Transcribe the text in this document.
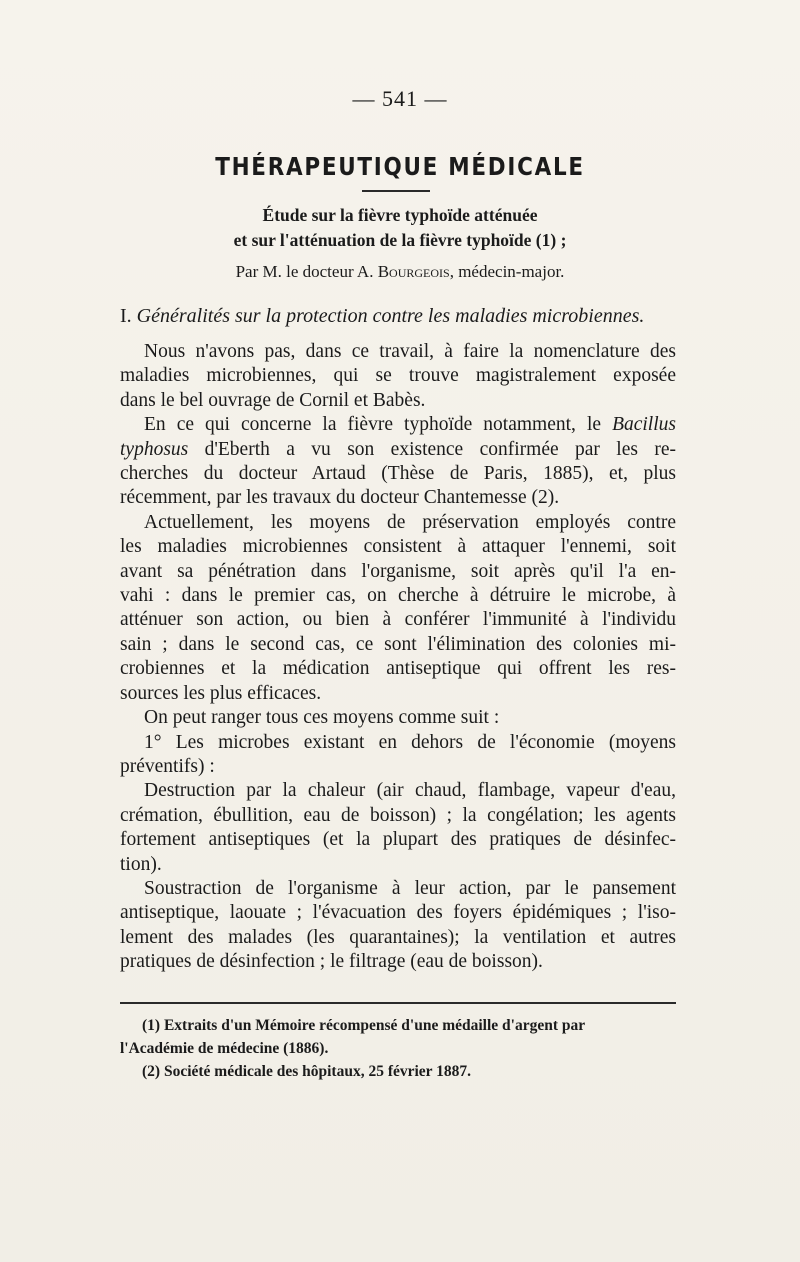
— 541 —
THÉRAPEUTIQUE MÉDICALE
Étude sur la fièvre typhoïde atténuée
et sur l'atténuation de la fièvre typhoïde (1) ;
Par M. le docteur A. Bourgeois, médecin-major.
I. Généralités sur la protection contre les maladies microbiennes.
Nous n'avons pas, dans ce travail, à faire la nomenclature des
maladies microbiennes, qui se trouve magistralement exposée
dans le bel ouvrage de Cornil et Babès.
En ce qui concerne la fièvre typhoïde notamment, le Bacillus
typhosus d'Eberth a vu son existence confirmée par les re-
cherches du docteur Artaud (Thèse de Paris, 1885), et, plus
récemment, par les travaux du docteur Chantemesse (2).
Actuellement, les moyens de préservation employés contre
les maladies microbiennes consistent à attaquer l'ennemi, soit
avant sa pénétration dans l'organisme, soit après qu'il l'a en-
vahi : dans le premier cas, on cherche à détruire le microbe, à
atténuer son action, ou bien à conférer l'immunité à l'individu
sain ; dans le second cas, ce sont l'élimination des colonies mi-
crobiennes et la médication antiseptique qui offrent les res-
sources les plus efficaces.
On peut ranger tous ces moyens comme suit :
1° Les microbes existant en dehors de l'économie (moyens
préventifs) :
Destruction par la chaleur (air chaud, flambage, vapeur d'eau,
crémation, ébullition, eau de boisson) ; la congélation; les agents
fortement antiseptiques (et la plupart des pratiques de désinfec-
tion).
Soustraction de l'organisme à leur action, par le pansement
antiseptique, laouate ; l'évacuation des foyers épidémiques ; l'iso-
lement des malades (les quarantaines); la ventilation et autres
pratiques de désinfection ; le filtrage (eau de boisson).
(1) Extraits d'un Mémoire récompensé d'une médaille d'argent par
l'Académie de médecine (1886).
(2) Société médicale des hôpitaux, 25 février 1887.
